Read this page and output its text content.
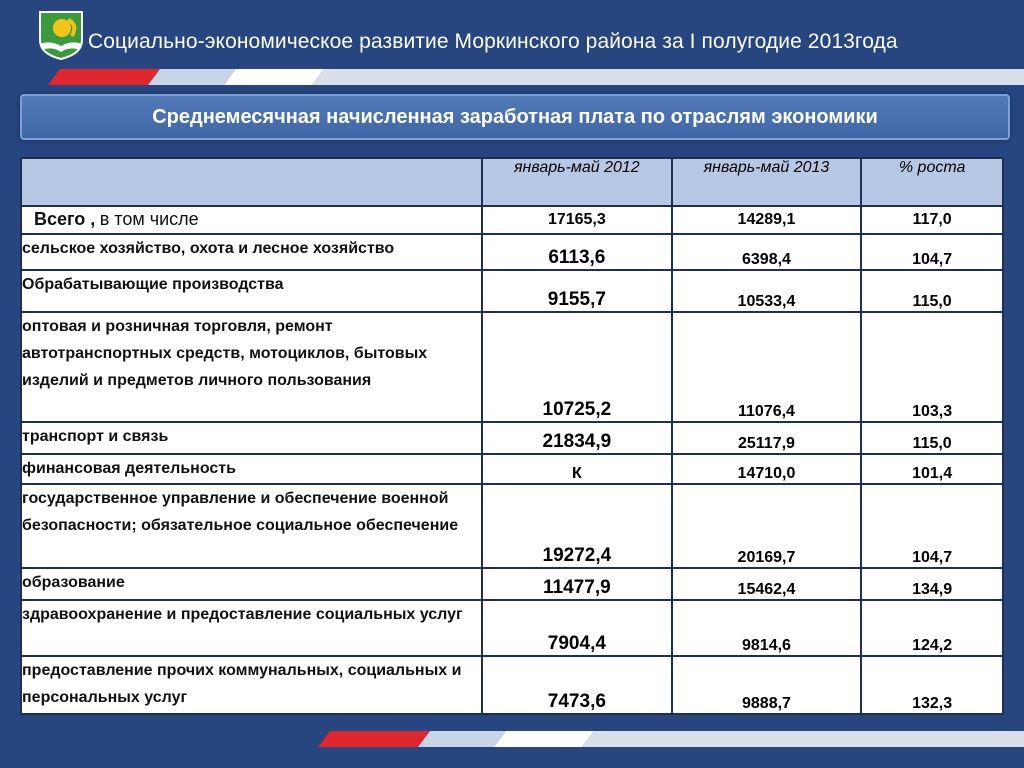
Социально-экономическое развитие Моркинского района за I полугодие 2013года
Среднемесячная начисленная заработная плата по отраслям экономики
	январь-май 2012	январь-май 2013	% роста
Всего , в том числе	17165,3	14289,1	117,0
сельское хозяйство, охота и лесное хозяйство	6113,6	6398,4	104,7
Обрабатывающие производства	9155,7	10533,4	115,0
оптовая и розничная торговля, ремонт автотранспортных средств, мотоциклов, бытовых изделий и предметов личного пользования	10725,2	11076,4	103,3
транспорт и связь	21834,9	25117,9	115,0
финансовая деятельность	К	14710,0	101,4
государственное управление и обеспечение военной безопасности; обязательное социальное обеспечение	19272,4	20169,7	104,7
образование	11477,9	15462,4	134,9
здравоохранение и предоставление социальных услуг	7904,4	9814,6	124,2
предоставление прочих коммунальных, социальных и персональных услуг	7473,6	9888,7	132,3
